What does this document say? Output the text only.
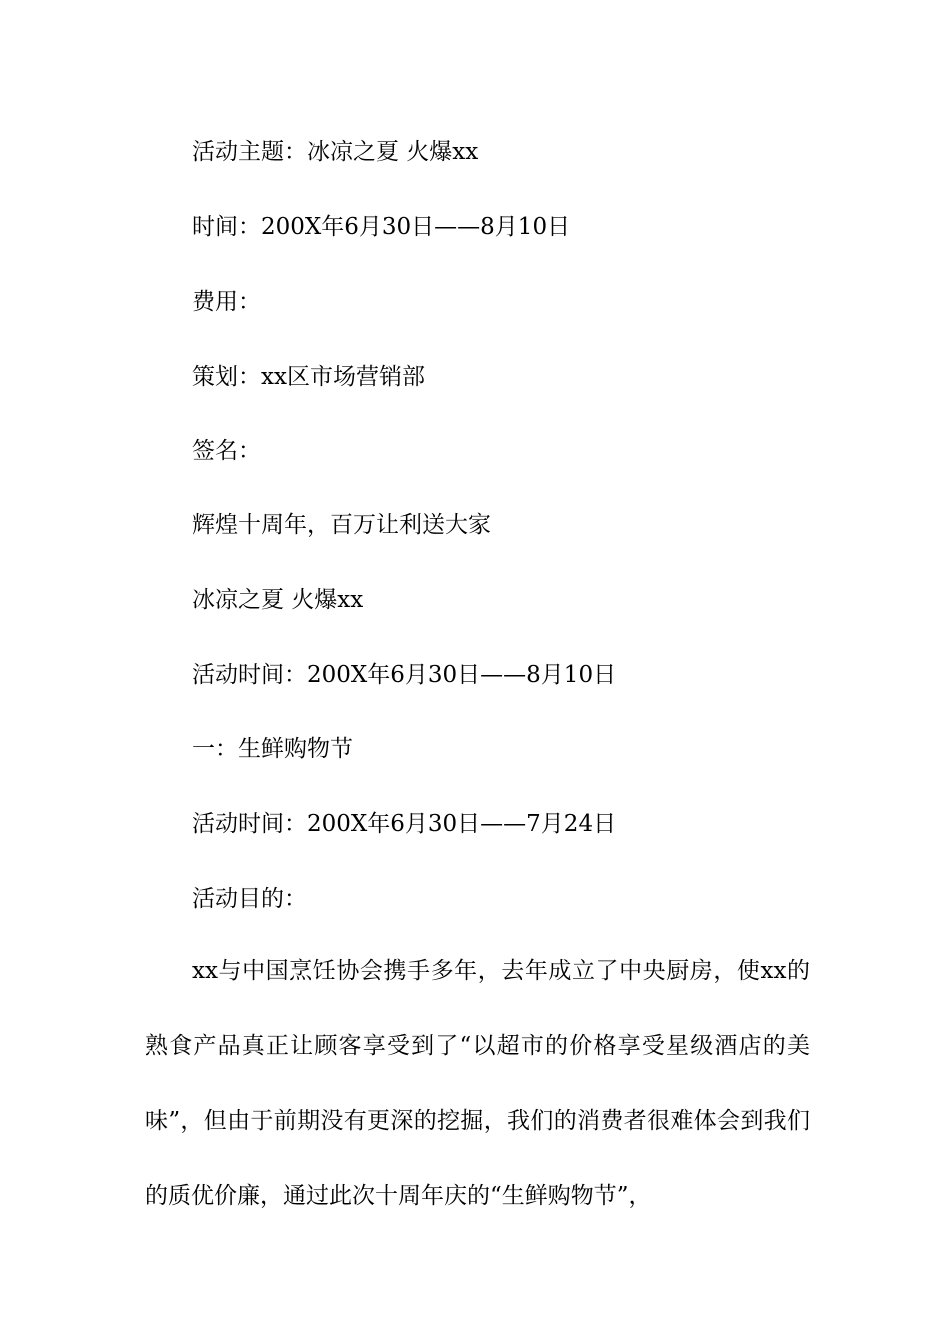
活动主题：冰凉之夏 火爆xx
时间：200X年6月30日——8月10日
费用：
策划：xx区市场营销部
签名：
辉煌十周年，百万让利送大家
冰凉之夏 火爆xx
活动时间：200X年6月30日——8月10日
一：生鲜购物节
活动时间：200X年6月30日——7月24日
活动目的：
xx与中国烹饪协会携手多年，去年成立了中央厨房，使xx的熟食产品真正让顾客享受到了“以超市的价格享受星级酒店的美味”，但由于前期没有更深的挖掘，我们的消费者很难体会到我们的质优价廉，通过此次十周年庆的“生鲜购物节”，
